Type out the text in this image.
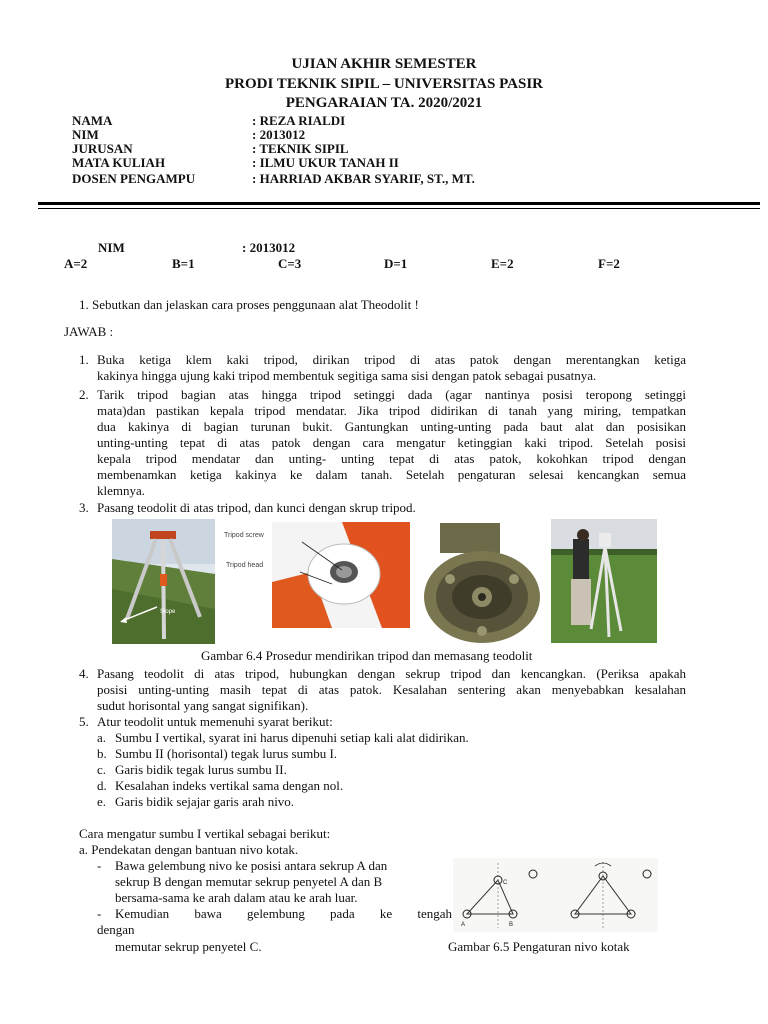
UJIAN AKHIR SEMESTER
PRODI TEKNIK SIPIL – UNIVERSITAS PASIR
PENGARAIAN TA. 2020/2021
NAMA	: REZA RIALDI
NIM	: 2013012
JURUSAN	: TEKNIK SIPIL
MATA KULIAH	: ILMU UKUR TANAH II
DOSEN PENGAMPU	: HARRIAD AKBAR SYARIF, ST., MT.
NIM	: 2013012
A=2	B=1	C=3	D=1	E=2	F=2
1. Sebutkan dan jelaskan cara proses penggunaan alat Theodolit !
JAWAB :
1. Buka ketiga klem kaki tripod, dirikan tripod di atas patok dengan merentangkan ketiga
kakinya hingga ujung kaki tripod membentuk segitiga sama sisi dengan patok sebagai pusatnya.
2. Tarik tripod bagian atas hingga tripod setinggi dada (agar nantinya posisi teropong setinggi
mata)dan pastikan kepala tripod mendatar. Jika tripod didirikan di tanah yang miring, tempatkan
dua kakinya di bagian turunan bukit. Gantungkan unting-unting pada baut alat dan posisikan
unting-unting tepat di atas patok dengan cara mengatur ketinggian kaki tripod. Setelah posisi
kepala tripod mendatar dan unting- unting tepat di atas patok, kokohkan tripod dengan
membenamkan ketiga kakinya ke dalam tanah. Setelah pengaturan selesai kencangkan semua
klemnya.
3. Pasang teodolit di atas tripod, dan kunci dengan skrup tripod.
Slope
Tripod screw
Tripod head
Gambar 6.4 Prosedur mendirikan tripod dan memasang teodolit
4. Pasang teodolit di atas tripod, hubungkan dengan sekrup tripod dan kencangkan. (Periksa apakah
posisi unting-unting masih tepat di atas patok. Kesalahan sentering akan menyebabkan kesalahan
sudut horisontal yang sangat signifikan).
5. Atur teodolit untuk memenuhi syarat berikut:
a. Sumbu I vertikal, syarat ini harus dipenuhi setiap kali alat didirikan.
b. Sumbu II (horisontal) tegak lurus sumbu I.
c. Garis bidik tegak lurus sumbu II.
d. Kesalahan indeks vertikal sama dengan nol.
e. Garis bidik sejajar garis arah nivo.
Cara mengatur sumbu I vertikal sebagai berikut:
a. Pendekatan dengan bantuan nivo kotak.
- Bawa gelembung nivo ke posisi antara sekrup A dan
sekrup B dengan memutar sekrup penyetel A dan B
bersama-sama ke arah dalam atau ke arah luar.
- Kemudian bawa gelembung pada ke tengah
dengan
memutar sekrup penyetel C.
C
A	B
Gambar 6.5 Pengaturan nivo kotak
